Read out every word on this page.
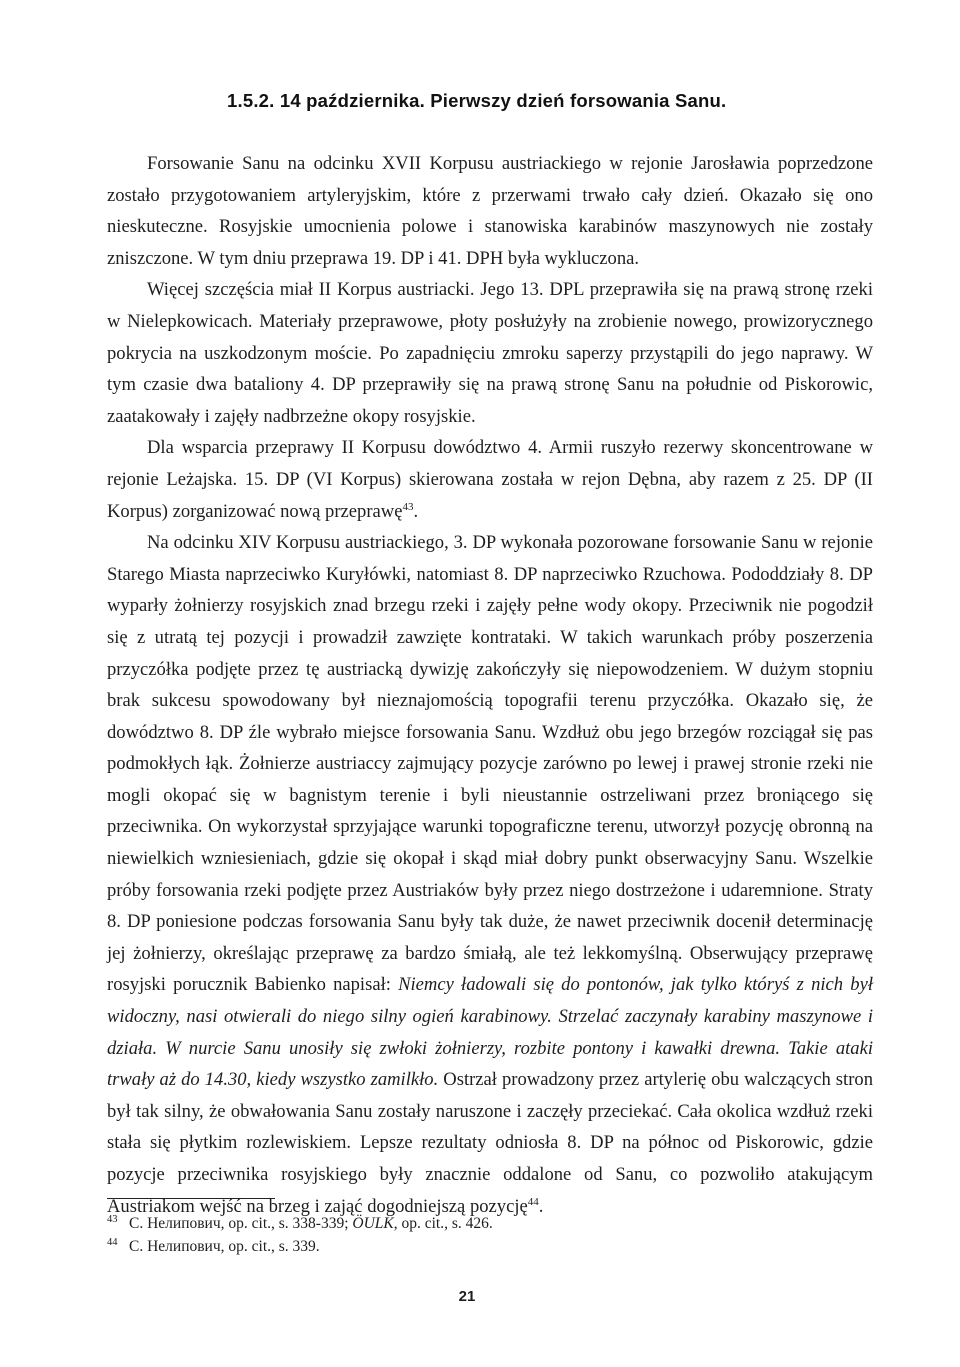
1.5.2. 14 października. Pierwszy dzień forsowania Sanu.

Forsowanie Sanu na odcinku XVII Korpusu austriackiego w rejonie Jarosławia poprzedzone zostało przygotowaniem artyleryjskim, które z przerwami trwało cały dzień. Okazało się ono nieskuteczne. Rosyjskie umocnienia polowe i stanowiska karabinów maszynowych nie zostały zniszczone. W tym dniu przeprawa 19. DP i 41. DPH była wykluczona.

Więcej szczęścia miał II Korpus austriacki. Jego 13. DPL przeprawiła się na prawą stronę rzeki w Nielepkowicach. Materiały przeprawowe, płoty posłużyły na zrobienie nowego, prowizorycznego pokrycia na uszkodzonym moście. Po zapadnięciu zmroku saperzy przystąpili do jego naprawy. W tym czasie dwa bataliony 4. DP przeprawiły się na prawą stronę Sanu na południe od Piskorowic, zaatakowały i zajęły nadbrzeżne okopy rosyjskie.

Dla wsparcia przeprawy II Korpusu dowództwo 4. Armii ruszyło rezerwy skoncentrowane w rejonie Leżajska. 15. DP (VI Korpus) skierowana została w rejon Dębna, aby razem z 25. DP (II Korpus) zorganizować nową przeprawę$^{43}$.

Na odcinku XIV Korpusu austriackiego, 3. DP wykonała pozorowane forsowanie Sanu w rejonie Starego Miasta naprzeciwko Kuryłówki, natomiast 8. DP naprzeciwko Rzuchowa. Pododdziały 8. DP wyparły żołnierzy rosyjskich znad brzegu rzeki i zajęły pełne wody okopy. Przeciwnik nie pogodził się z utratą tej pozycji i prowadził zawzięte kontrataki. W takich warunkach próby poszerzenia przyczółka podjęte przez tę austriacką dywizję zakończyły się niepowodzeniem. W dużym stopniu brak sukcesu spowodowany był nieznajomością topografii terenu przyczółka. Okazało się, że dowództwo 8. DP źle wybrało miejsce forsowania Sanu. Wzdłuż obu jego brzegów rozciągał się pas podmokłych łąk. Żołnierze austriaccy zajmujący pozycje zarówno po lewej i prawej stronie rzeki nie mogli okopać się w bagnistym terenie i byli nieustannie ostrzeliwani przez broniącego się przeciwnika. On wykorzystał sprzyjające warunki topograficzne terenu, utworzył pozycję obronną na niewielkich wzniesieniach, gdzie się okopał i skąd miał dobry punkt obserwacyjny Sanu. Wszelkie próby forsowania rzeki podjęte przez Austriaków były przez niego dostrzeżone i udaremnione. Straty 8. DP poniesione podczas forsowania Sanu były tak duże, że nawet przeciwnik docenił determinację jej żołnierzy, określając przeprawę za bardzo śmiałą, ale też lekkomyślną. Obserwujący przeprawę rosyjski porucznik Babienko napisał: Niemcy ładowali się do pontonów, jak tylko któryś z nich był widoczny, nasi otwierali do niego silny ogień karabinowy. Strzelać zaczynały karabiny maszynowe i działa. W nurcie Sanu unosiły się zwłoki żołnierzy, rozbite pontony i kawałki drewna. Takie ataki trwały aż do 14.30, kiedy wszystko zamilkło. Ostrzał prowadzony przez artylerię obu walczących stron był tak silny, że obwałowania Sanu zostały naruszone i zaczęły przeciekać. Cała okolica wzdłuż rzeki stała się płytkim rozlewiskiem. Lepsze rezultaty odniosła 8. DP na północ od Piskorowic, gdzie pozycje przeciwnika rosyjskiego były znacznie oddalone od Sanu, co pozwoliło atakującym Austriakom wejść na brzeg i zająć dogodniejszą pozycję$^{44}$.

43 С. Нелипович, op. cit., s. 338-339; ÖULK, op. cit., s. 426.
44 С. Нелипович, op. cit., s. 339.
21
